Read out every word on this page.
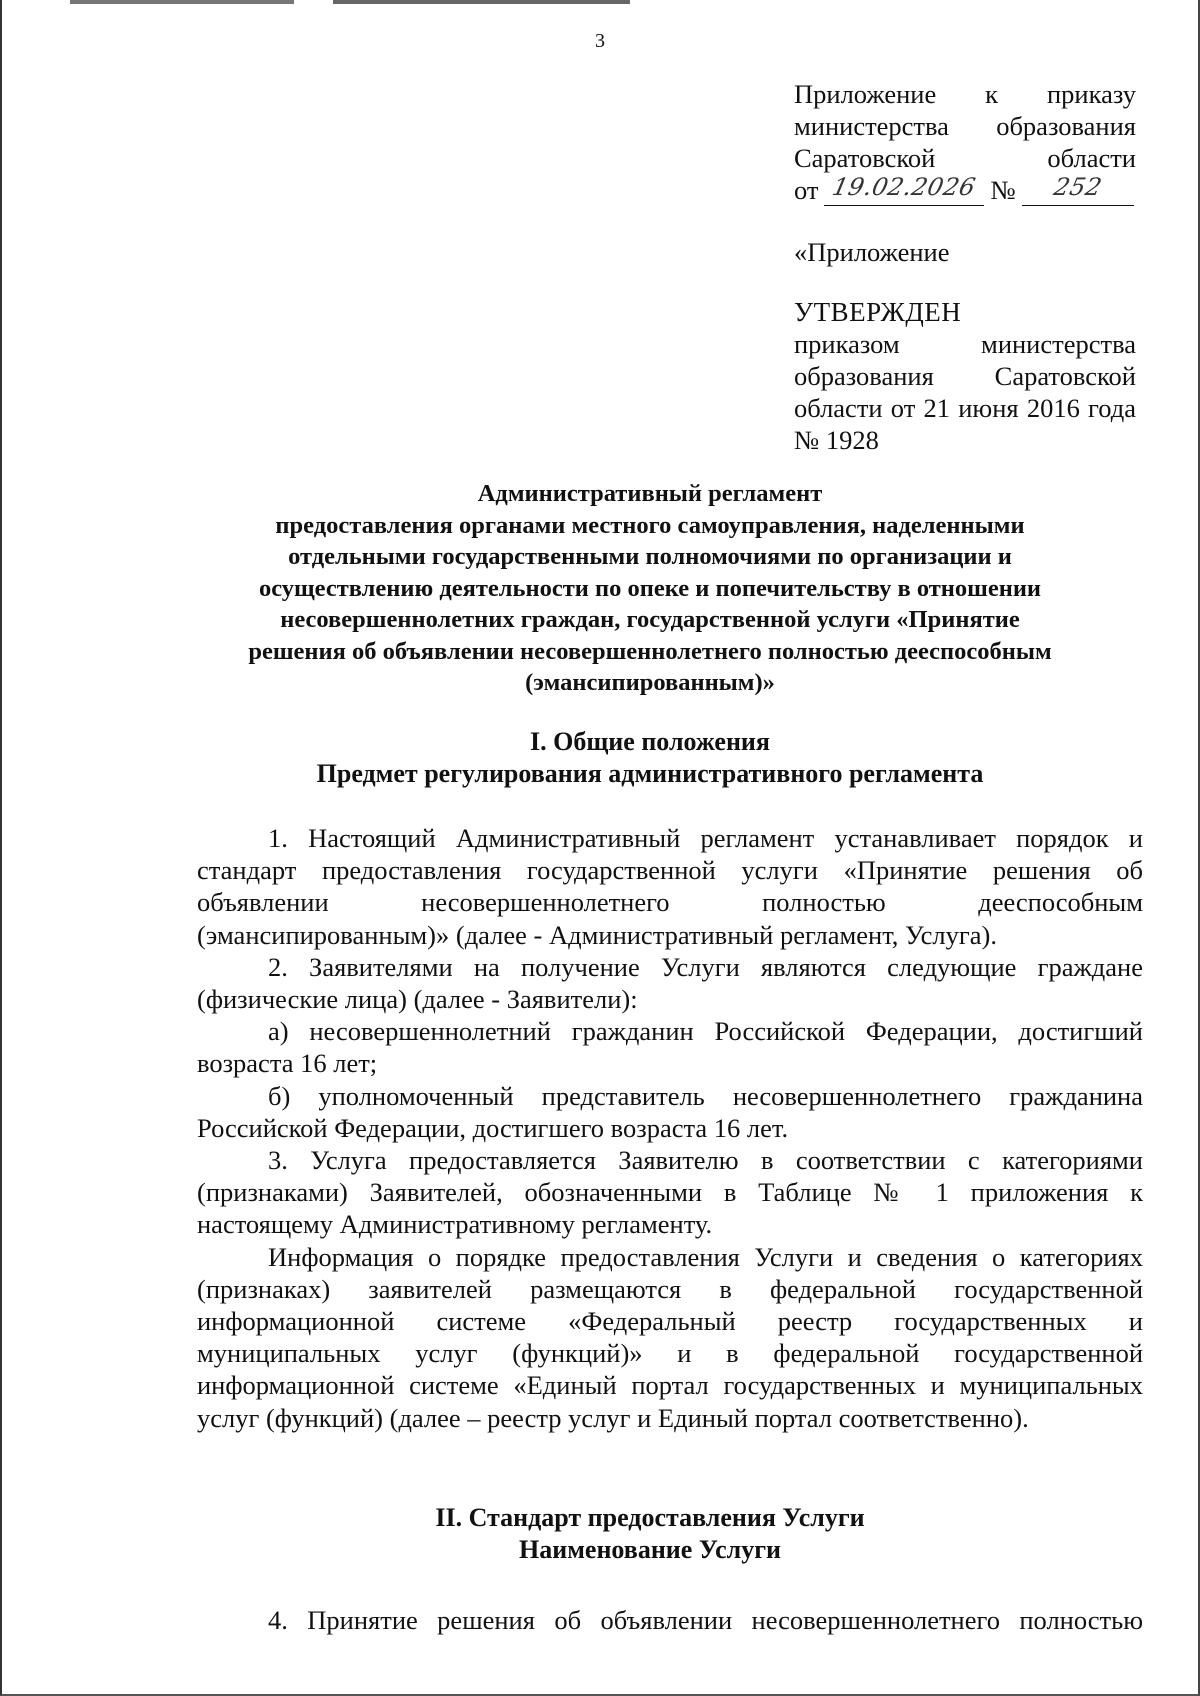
3
Приложение к приказу
министерства образования
Саратовской области
от 19.02.2026 №	252
«Приложение
УТВЕРЖДЕН
приказом министерства образования Саратовской области от 21 июня 2016 года № 1928
Административный регламент
предоставления органами местного самоуправления, наделенными
отдельными государственными полномочиями по организации и
осуществлению деятельности по опеке и попечительству в отношении
несовершеннолетних граждан, государственной услуги «Принятие
решения об объявлении несовершеннолетнего полностью дееспособным
(эмансипированным)»
I. Общие положения
Предмет регулирования административного регламента

1. Настоящий Административный регламент устанавливает порядок и стандарт предоставления государственной услуги «Принятие решения об объявлении несовершеннолетнего полностью дееспособным (эмансипированным)» (далее - Административный регламент, Услуга).

2. Заявителями на получение Услуги являются следующие граждане (физические лица) (далее - Заявители):

а) несовершеннолетний гражданин Российской Федерации, достигший возраста 16 лет;

б) уполномоченный представитель несовершеннолетнего гражданина Российской Федерации, достигшего возраста 16 лет.

3. Услуга предоставляется Заявителю в соответствии с категориями (признаками) Заявителей, обозначенными в Таблице № 1 приложения к настоящему Административному регламенту.

Информация о порядке предоставления Услуги и сведения о категориях (признаках) заявителей размещаются в федеральной государственной информационной системе «Федеральный реестр государственных и муниципальных услуг (функций)» и в федеральной государственной информационной системе «Единый портал государственных и муниципальных услуг (функций) (далее – реестр услуг и Единый портал соответственно).

II. Стандарт предоставления Услуги
Наименование Услуги

4. Принятие решения об объявлении несовершеннолетнего полностью
